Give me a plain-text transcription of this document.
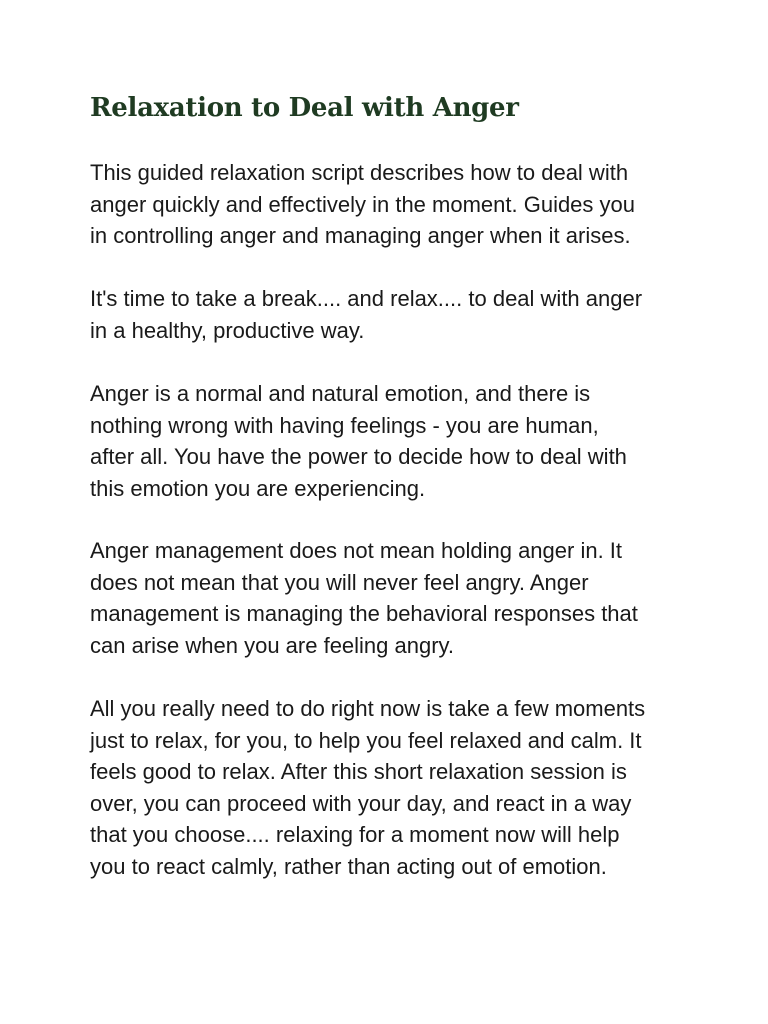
Relaxation to Deal with Anger

This guided relaxation script describes how to deal with
anger quickly and effectively in the moment. Guides you
in controlling anger and managing anger when it arises.

It's time to take a break.... and relax.... to deal with anger
in a healthy, productive way.

Anger is a normal and natural emotion, and there is
nothing wrong with having feelings - you are human,
after all. You have the power to decide how to deal with
this emotion you are experiencing.

Anger management does not mean holding anger in. It
does not mean that you will never feel angry. Anger
management is managing the behavioral responses that
can arise when you are feeling angry.

All you really need to do right now is take a few moments
just to relax, for you, to help you feel relaxed and calm. It
feels good to relax. After this short relaxation session is
over, you can proceed with your day, and react in a way
that you choose.... relaxing for a moment now will help
you to react calmly, rather than acting out of emotion.
